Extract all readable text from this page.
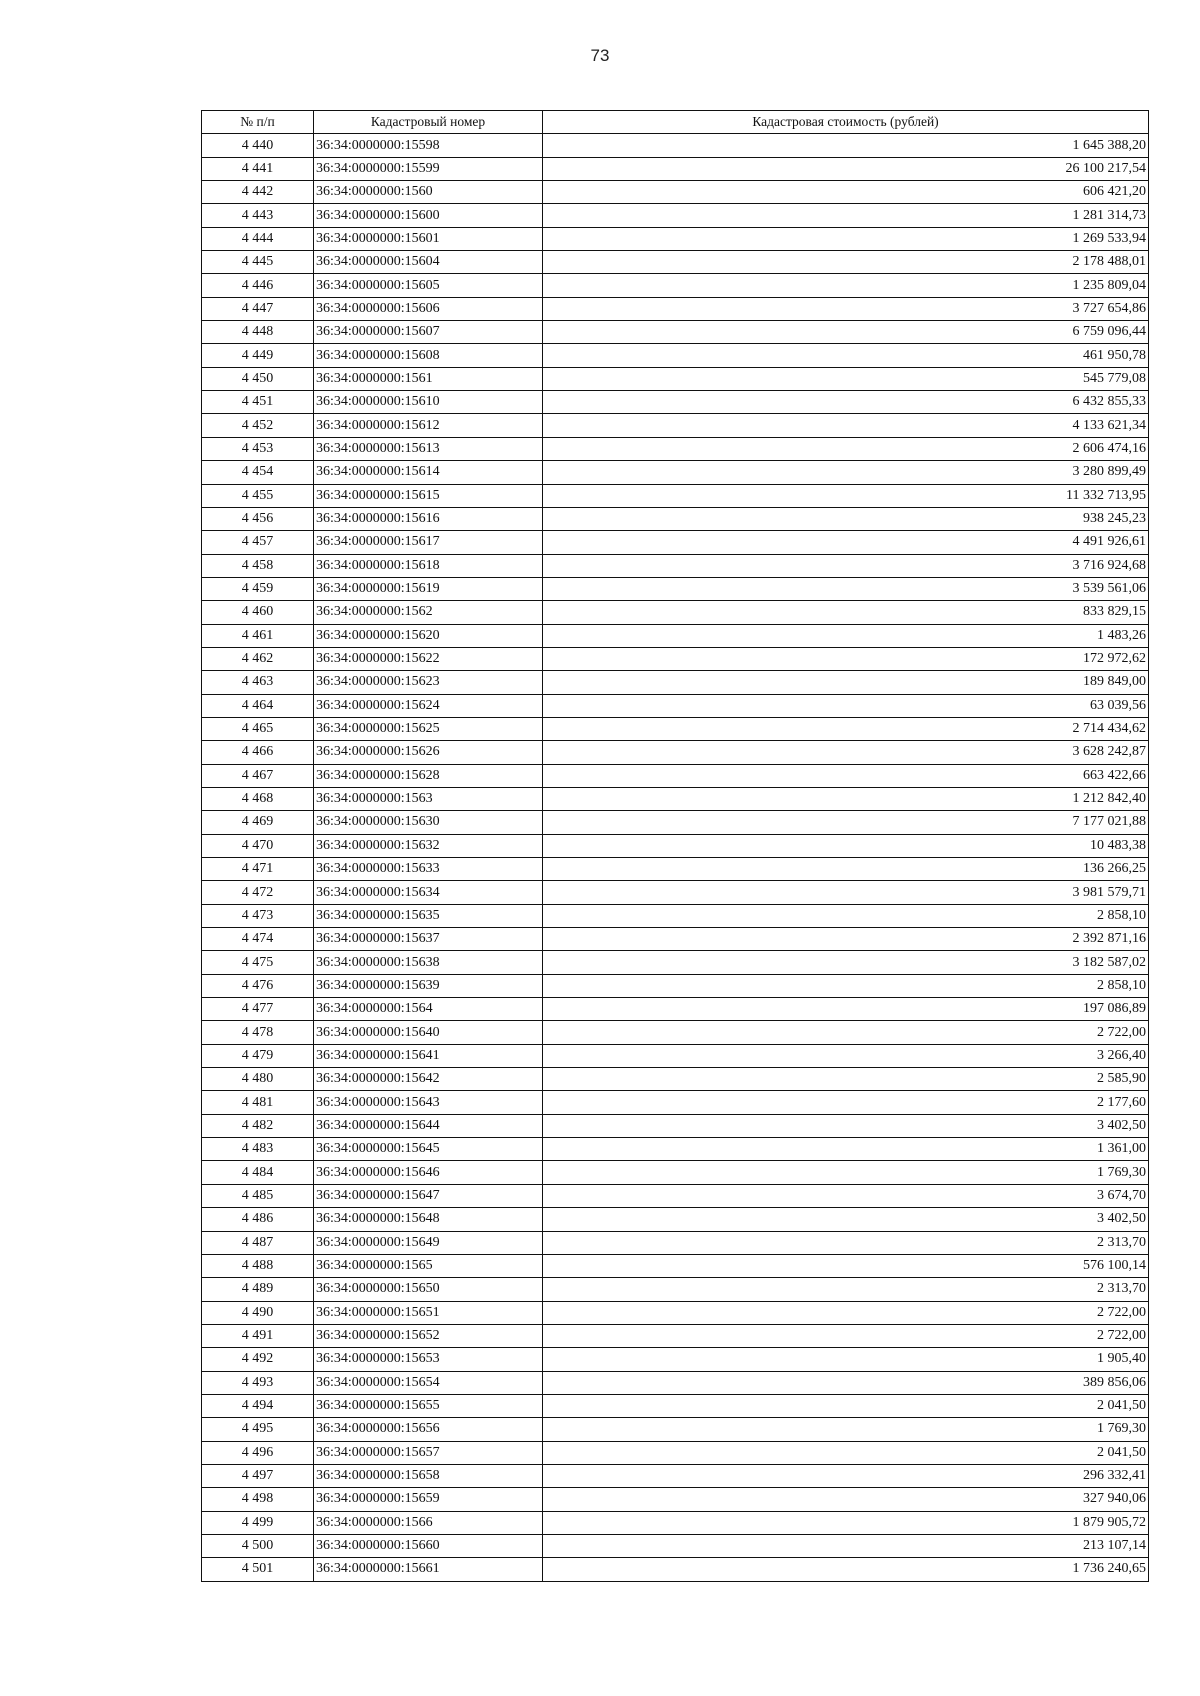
73
№ п/п	Кадастровый номер	Кадастровая стоимость (рублей)
4 440	36:34:0000000:15598	1 645 388,20
4 441	36:34:0000000:15599	26 100 217,54
4 442	36:34:0000000:1560	606 421,20
4 443	36:34:0000000:15600	1 281 314,73
4 444	36:34:0000000:15601	1 269 533,94
4 445	36:34:0000000:15604	2 178 488,01
4 446	36:34:0000000:15605	1 235 809,04
4 447	36:34:0000000:15606	3 727 654,86
4 448	36:34:0000000:15607	6 759 096,44
4 449	36:34:0000000:15608	461 950,78
4 450	36:34:0000000:1561	545 779,08
4 451	36:34:0000000:15610	6 432 855,33
4 452	36:34:0000000:15612	4 133 621,34
4 453	36:34:0000000:15613	2 606 474,16
4 454	36:34:0000000:15614	3 280 899,49
4 455	36:34:0000000:15615	11 332 713,95
4 456	36:34:0000000:15616	938 245,23
4 457	36:34:0000000:15617	4 491 926,61
4 458	36:34:0000000:15618	3 716 924,68
4 459	36:34:0000000:15619	3 539 561,06
4 460	36:34:0000000:1562	833 829,15
4 461	36:34:0000000:15620	1 483,26
4 462	36:34:0000000:15622	172 972,62
4 463	36:34:0000000:15623	189 849,00
4 464	36:34:0000000:15624	63 039,56
4 465	36:34:0000000:15625	2 714 434,62
4 466	36:34:0000000:15626	3 628 242,87
4 467	36:34:0000000:15628	663 422,66
4 468	36:34:0000000:1563	1 212 842,40
4 469	36:34:0000000:15630	7 177 021,88
4 470	36:34:0000000:15632	10 483,38
4 471	36:34:0000000:15633	136 266,25
4 472	36:34:0000000:15634	3 981 579,71
4 473	36:34:0000000:15635	2 858,10
4 474	36:34:0000000:15637	2 392 871,16
4 475	36:34:0000000:15638	3 182 587,02
4 476	36:34:0000000:15639	2 858,10
4 477	36:34:0000000:1564	197 086,89
4 478	36:34:0000000:15640	2 722,00
4 479	36:34:0000000:15641	3 266,40
4 480	36:34:0000000:15642	2 585,90
4 481	36:34:0000000:15643	2 177,60
4 482	36:34:0000000:15644	3 402,50
4 483	36:34:0000000:15645	1 361,00
4 484	36:34:0000000:15646	1 769,30
4 485	36:34:0000000:15647	3 674,70
4 486	36:34:0000000:15648	3 402,50
4 487	36:34:0000000:15649	2 313,70
4 488	36:34:0000000:1565	576 100,14
4 489	36:34:0000000:15650	2 313,70
4 490	36:34:0000000:15651	2 722,00
4 491	36:34:0000000:15652	2 722,00
4 492	36:34:0000000:15653	1 905,40
4 493	36:34:0000000:15654	389 856,06
4 494	36:34:0000000:15655	2 041,50
4 495	36:34:0000000:15656	1 769,30
4 496	36:34:0000000:15657	2 041,50
4 497	36:34:0000000:15658	296 332,41
4 498	36:34:0000000:15659	327 940,06
4 499	36:34:0000000:1566	1 879 905,72
4 500	36:34:0000000:15660	213 107,14
4 501	36:34:0000000:15661	1 736 240,65
